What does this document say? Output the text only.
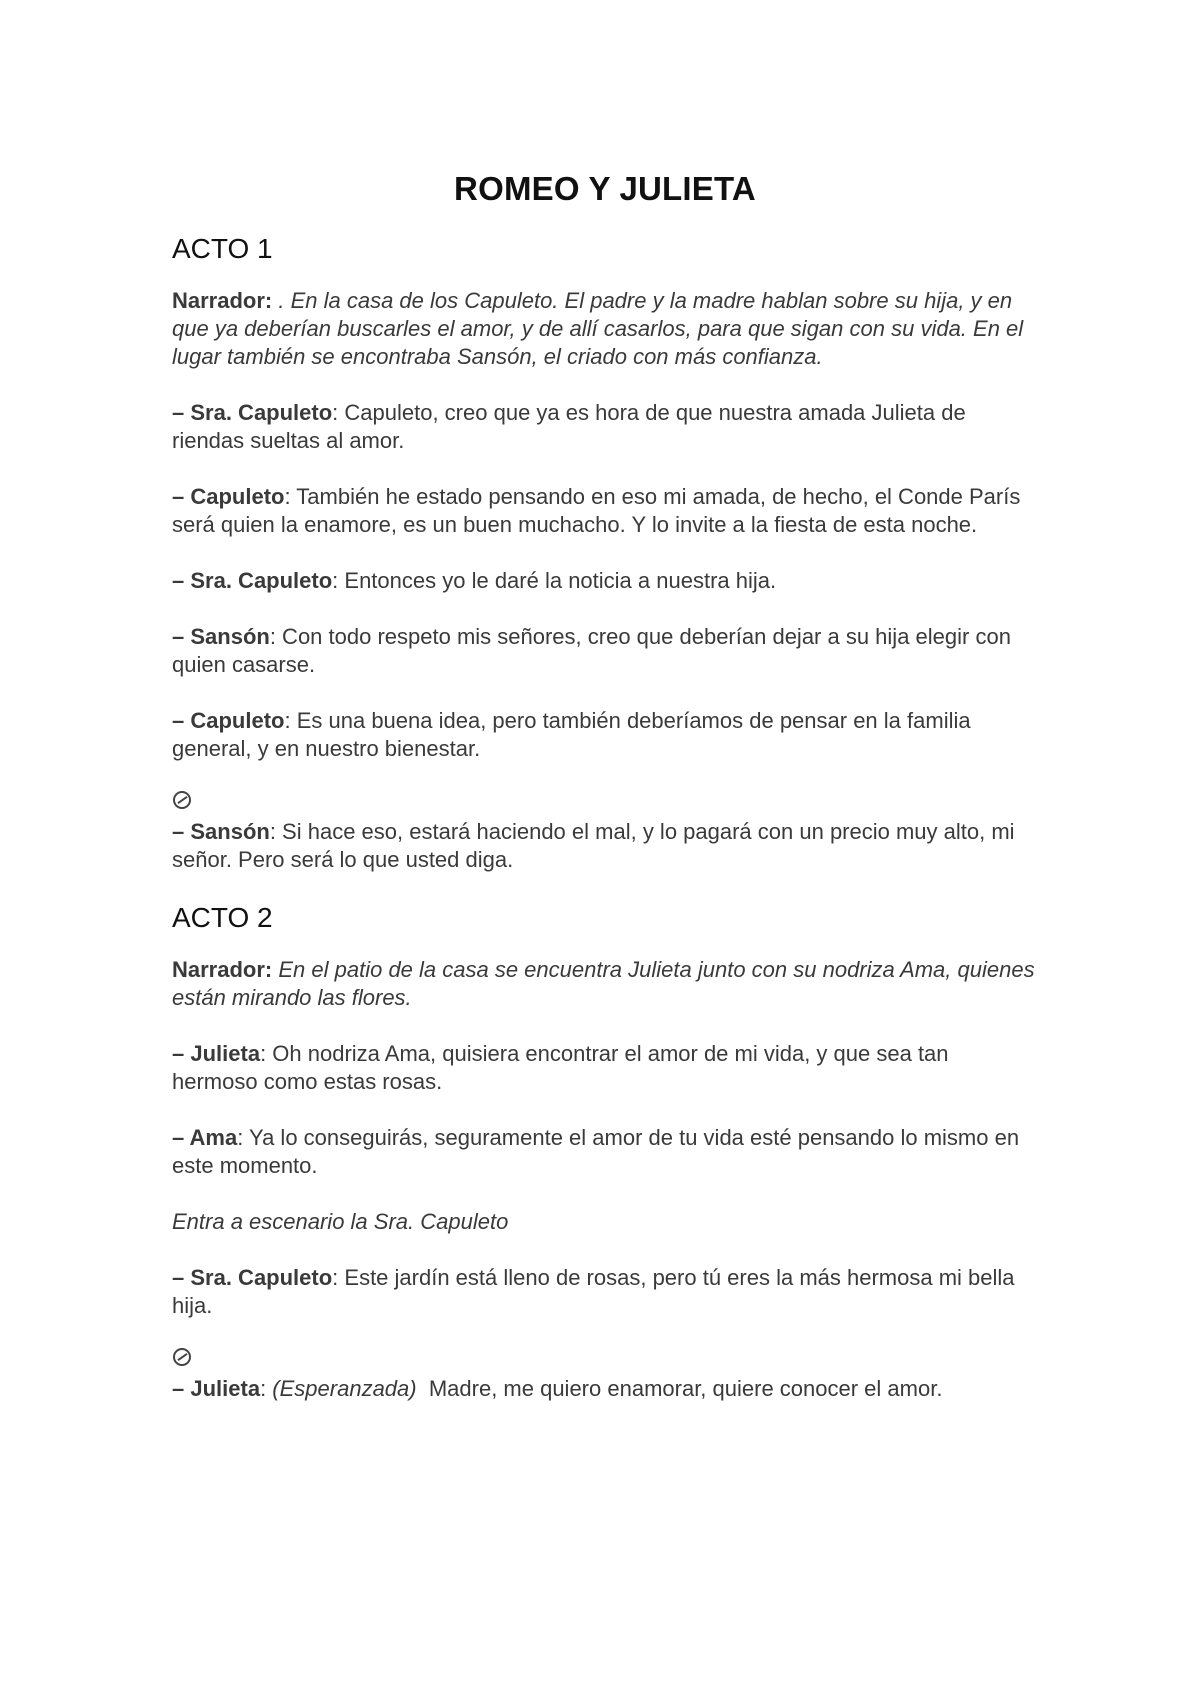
ROMEO Y JULIETA
ACTO 1
Narrador: . En la casa de los Capuleto. El padre y la madre hablan sobre su hija, y en que ya deberían buscarles el amor, y de allí casarlos, para que sigan con su vida. En el lugar también se encontraba Sansón, el criado con más confianza.
– Sra. Capuleto: Capuleto, creo que ya es hora de que nuestra amada Julieta de riendas sueltas al amor.
– Capuleto: También he estado pensando en eso mi amada, de hecho, el Conde París será quien la enamore, es un buen muchacho. Y lo invite a la fiesta de esta noche.
– Sra. Capuleto: Entonces yo le daré la noticia a nuestra hija.
– Sansón: Con todo respeto mis señores, creo que deberían dejar a su hija elegir con quien casarse.
– Capuleto: Es una buena idea, pero también deberíamos de pensar en la familia general, y en nuestro bienestar.
– Sansón: Si hace eso, estará haciendo el mal, y lo pagará con un precio muy alto, mi señor. Pero será lo que usted diga.
ACTO 2
Narrador: En el patio de la casa se encuentra Julieta junto con su nodriza Ama, quienes están mirando las flores.
– Julieta: Oh nodriza Ama, quisiera encontrar el amor de mi vida, y que sea tan hermoso como estas rosas.
– Ama: Ya lo conseguirás, seguramente el amor de tu vida esté pensando lo mismo en este momento.
Entra a escenario la Sra. Capuleto
– Sra. Capuleto: Este jardín está lleno de rosas, pero tú eres la más hermosa mi bella hija.
– Julieta: (Esperanzada)  Madre, me quiero enamorar, quiere conocer el amor.
